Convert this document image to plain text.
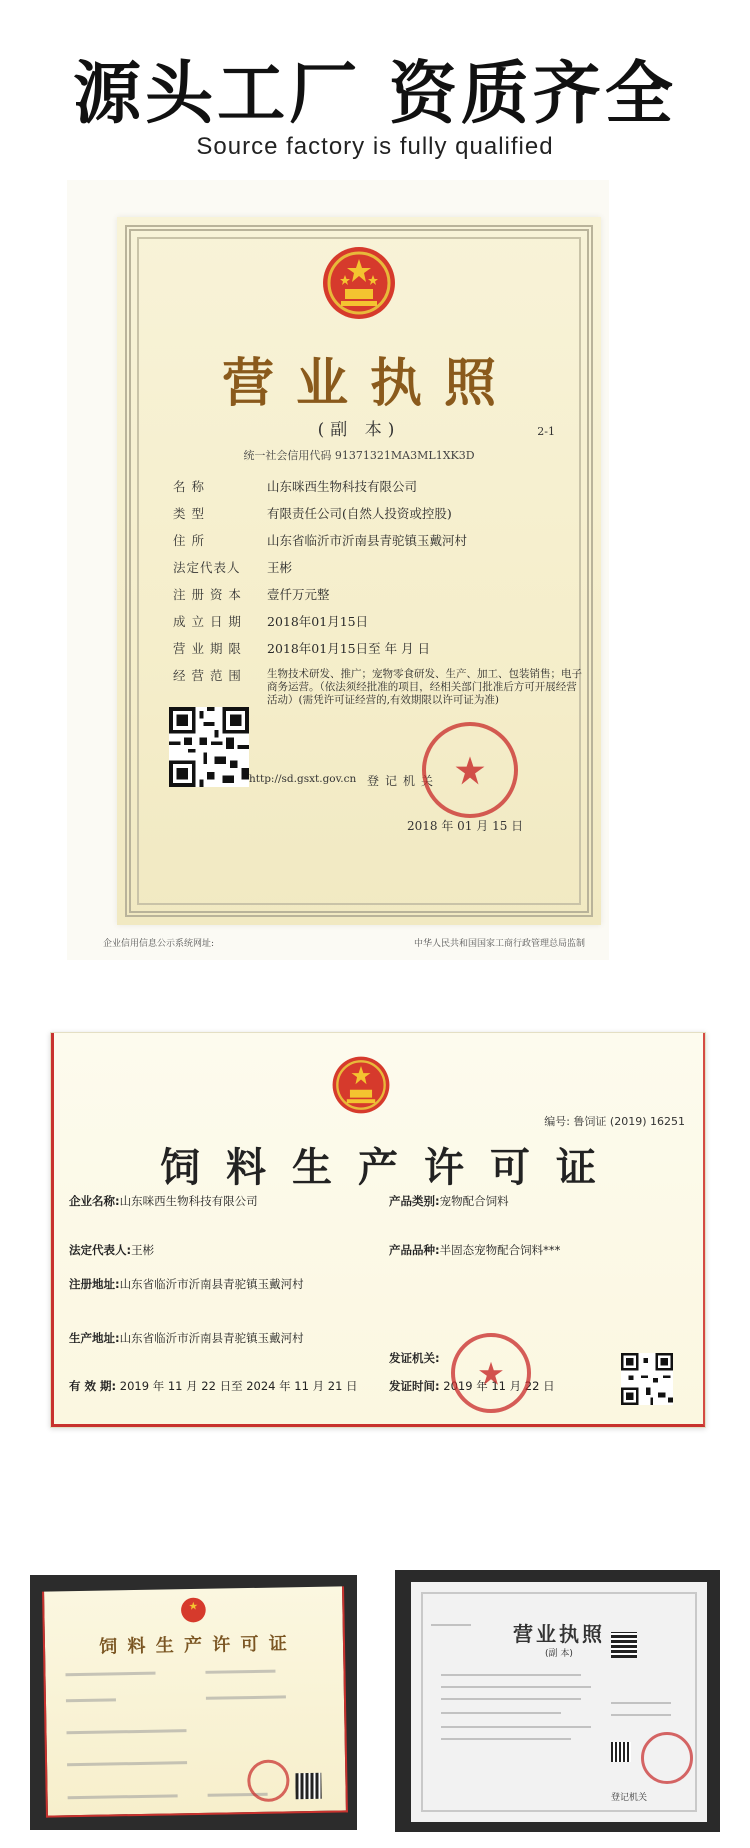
源头工厂 资质齐全
Source factory is fully qualified
营业执照
(副 本)	2-1
统一社会信用代码 91371321MA3ML1XK3D
名 称	山东咪西生物科技有限公司
类 型	有限责任公司(自然人投资或控股)
住 所	山东省临沂市沂南县青驼镇玉戴河村
法定代表人	王彬
注 册 资 本	壹仟万元整
成 立 日 期	2018年01月15日
营 业 期 限	2018年01月15日至 年 月 日
经 营 范 围	生物技术研发、推广；宠物零食研发、生产、加工、包装销售；电子商务运营。（依法须经批准的项目，经相关部门批准后方可开展经营活动）(需凭许可证经营的,有效期限以许可证为准)
http://sd.gsxt.gov.cn 登记机关
2018 年 01 月 15 日
企业信用信息公示系统网址:	中华人民共和国国家工商行政管理总局监制
编号: 鲁饲证 (2019) 16251
饲料生产许可证
企业名称:山东咪西生物科技有限公司
法定代表人:王彬
注册地址:山东省临沂市沂南县青驼镇玉戴河村
生产地址:山东省临沂市沂南县青驼镇玉戴河村
有 效 期: 2019 年 11 月 22 日至 2024 年 11 月 21 日
产品类别:宠物配合饲料
产品品种:半固态宠物配合饲料***
发证机关:
发证时间: 2019 年 11 月 22 日
饲 料 生 产 许 可 证	营业执照
(副 本)
登记机关
